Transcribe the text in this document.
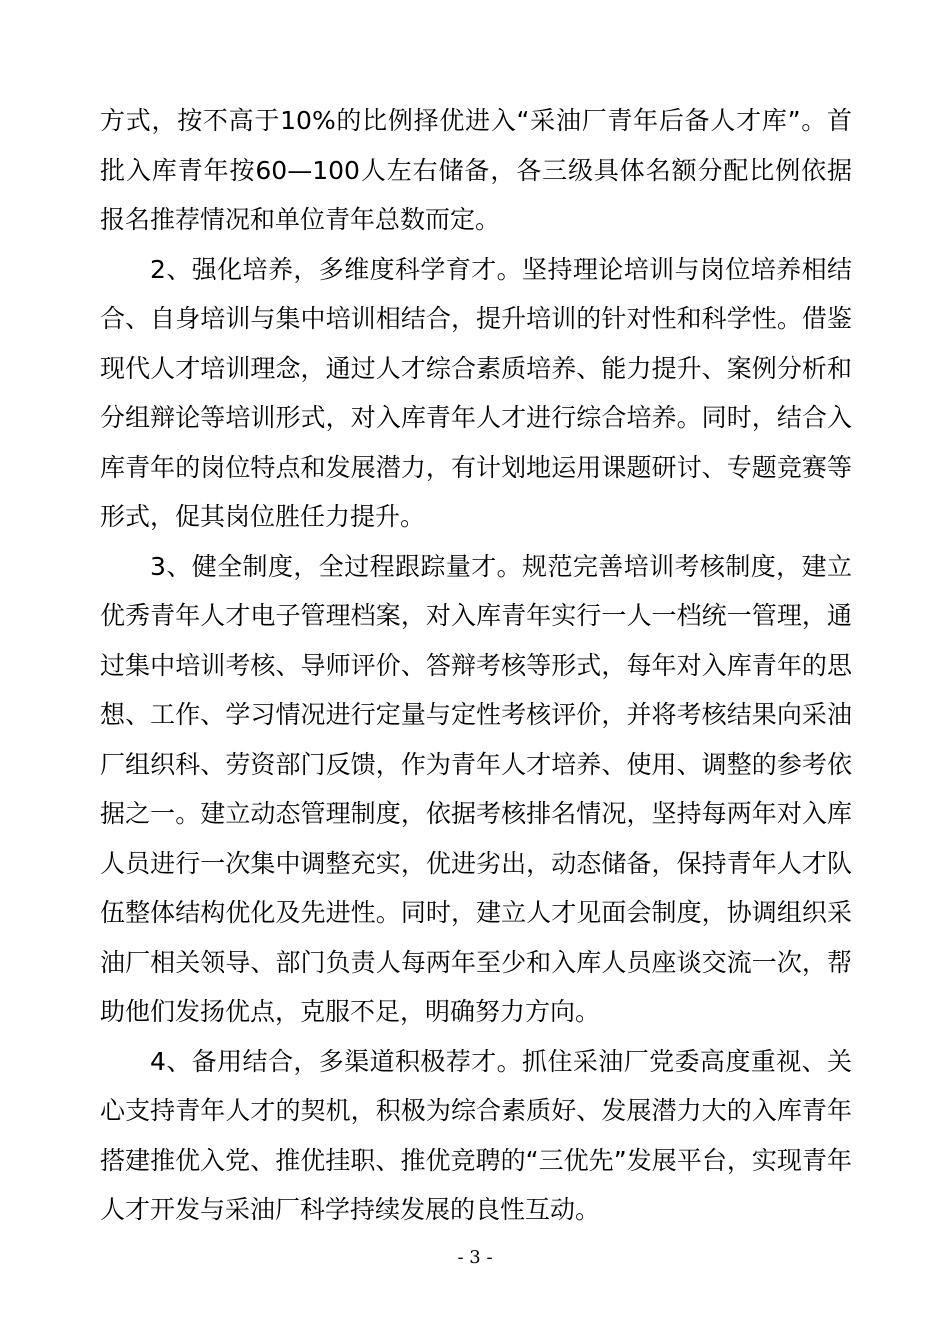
方式，按不高于10%的比例择优进入“采油厂青年后备人才库”。首批入库青年按60—100人左右储备，各三级具体名额分配比例依据报名推荐情况和单位青年总数而定。

2、强化培养，多维度科学育才。坚持理论培训与岗位培养相结合、自身培训与集中培训相结合，提升培训的针对性和科学性。借鉴现代人才培训理念，通过人才综合素质培养、能力提升、案例分析和分组辩论等培训形式，对入库青年人才进行综合培养。同时，结合入库青年的岗位特点和发展潜力，有计划地运用课题研讨、专题竞赛等形式，促其岗位胜任力提升。

3、健全制度，全过程跟踪量才。规范完善培训考核制度，建立优秀青年人才电子管理档案，对入库青年实行一人一档统一管理，通过集中培训考核、导师评价、答辩考核等形式，每年对入库青年的思想、工作、学习情况进行定量与定性考核评价，并将考核结果向采油厂组织科、劳资部门反馈，作为青年人才培养、使用、调整的参考依据之一。建立动态管理制度，依据考核排名情况，坚持每两年对入库人员进行一次集中调整充实，优进劣出，动态储备，保持青年人才队伍整体结构优化及先进性。同时，建立人才见面会制度，协调组织采油厂相关领导、部门负责人每两年至少和入库人员座谈交流一次，帮助他们发扬优点，克服不足，明确努力方向。

4、备用结合，多渠道积极荐才。抓住采油厂党委高度重视、关心支持青年人才的契机，积极为综合素质好、发展潜力大的入库青年搭建推优入党、推优挂职、推优竞聘的“三优先”发展平台，实现青年人才开发与采油厂科学持续发展的良性互动。

- 3 -
